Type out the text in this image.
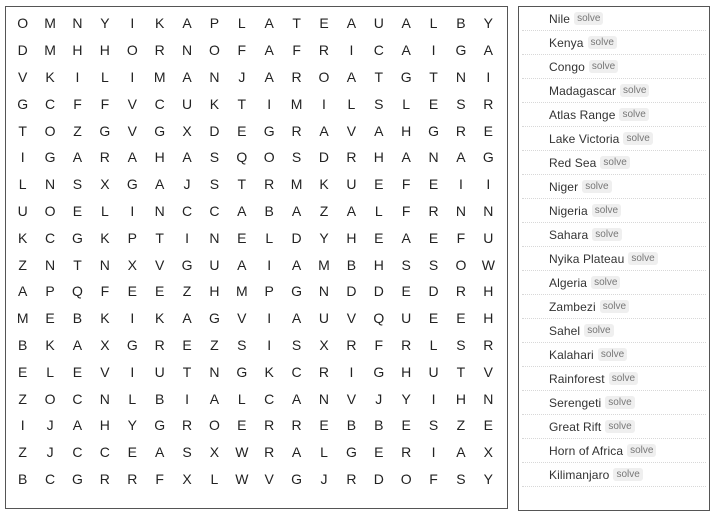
O	M	N	Y	I	K	A	P	L	A	T	E	A	U	A	L	B	Y
D	M	H	H	O	R	N	O	F	A	F	R	I	C	A	I	G	A
V	K	I	L	I	M	A	N	J	A	R	O	A	T	G	T	N	I
G	C	F	F	V	C	U	K	T	I	M	I	L	S	L	E	S	R
T	O	Z	G	V	G	X	D	E	G	R	A	V	A	H	G	R	E
I	G	A	R	A	H	A	S	Q	O	S	D	R	H	A	N	A	G
L	N	S	X	G	A	J	S	T	R	M	K	U	E	F	E	I	I
U	O	E	L	I	N	C	C	A	B	A	Z	A	L	F	R	N	N
K	C	G	K	P	T	I	N	E	L	D	Y	H	E	A	E	F	U
Z	N	T	N	X	V	G	U	A	I	A	M	B	H	S	S	O	W
A	P	Q	F	E	E	Z	H	M	P	G	N	D	D	E	D	R	H
M	E	B	K	I	K	A	G	V	I	A	U	V	Q	U	E	E	H
B	K	A	X	G	R	E	Z	S	I	S	X	R	F	R	L	S	R
E	L	E	V	I	U	T	N	G	K	C	R	I	G	H	U	T	V
Z	O	C	N	L	B	I	A	L	C	A	N	V	J	Y	I	H	N
I	J	A	H	Y	G	R	O	E	R	R	E	B	B	E	S	Z	E
Z	J	C	C	E	A	S	X	W	R	A	L	G	E	R	I	A	X
B	C	G	R	R	F	X	L	W	V	G	J	R	D	O	F	S	Y
Nile solve
Kenya solve
Congo solve
Madagascar solve
Atlas Range solve
Lake Victoria solve
Red Sea solve
Niger solve
Nigeria solve
Sahara solve
Nyika Plateau solve
Algeria solve
Zambezi solve
Sahel solve
Kalahari solve
Rainforest solve
Serengeti solve
Great Rift solve
Horn of Africa solve
Kilimanjaro solve
